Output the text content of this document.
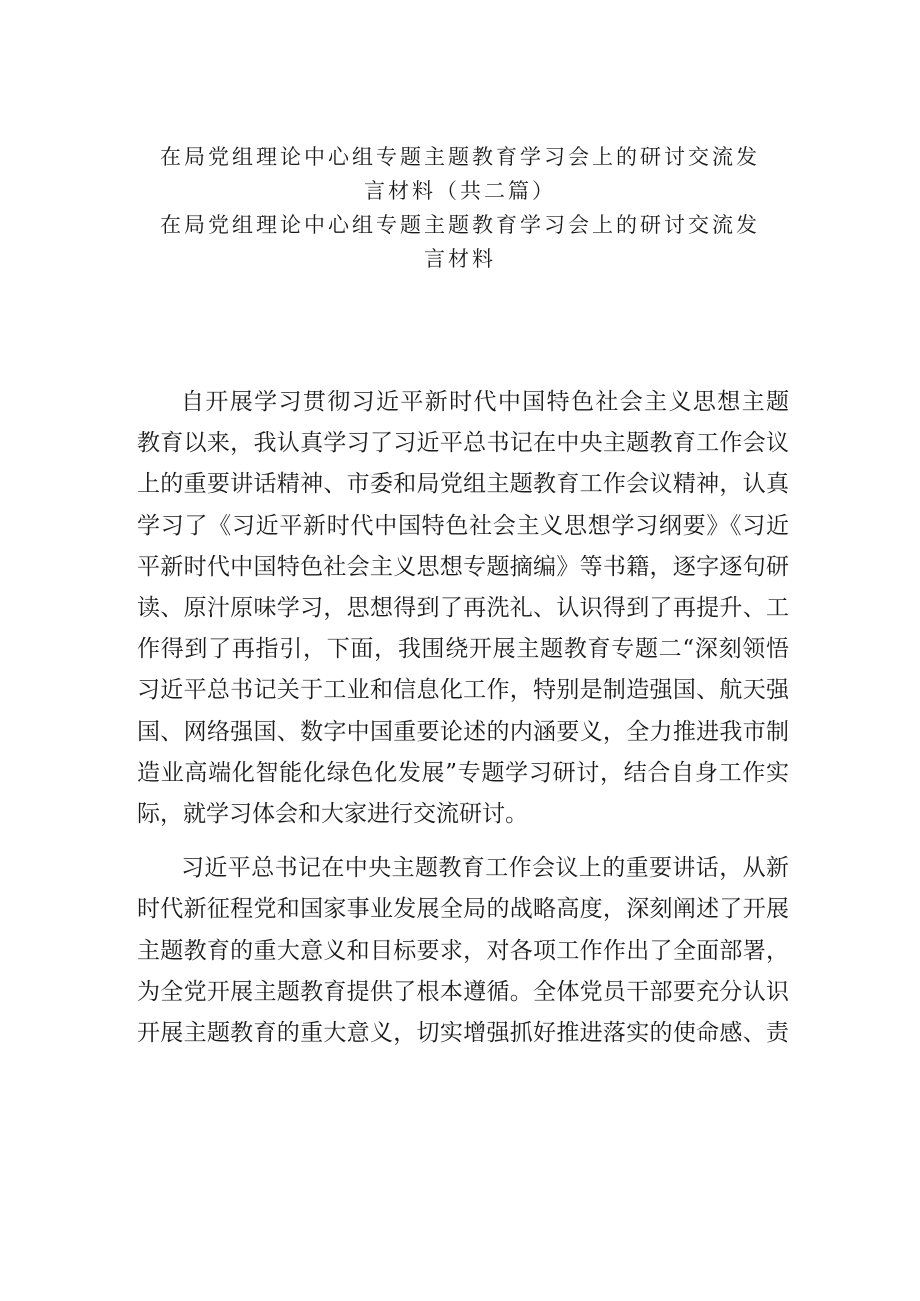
在局党组理论中心组专题主题教育学习会上的研讨交流发
言材料（共二篇）
在局党组理论中心组专题主题教育学习会上的研讨交流发
言材料
自开展学习贯彻习近平新时代中国特色社会主义思想主题
教育以来，我认真学习了习近平总书记在中央主题教育工作会议
上的重要讲话精神、市委和局党组主题教育工作会议精神，认真
学习了《习近平新时代中国特色社会主义思想学习纲要》《习近
平新时代中国特色社会主义思想专题摘编》等书籍，逐字逐句研
读、原汁原味学习，思想得到了再洗礼、认识得到了再提升、工
作得到了再指引，下面，我围绕开展主题教育专题二“深刻领悟
习近平总书记关于工业和信息化工作，特别是制造强国、航天强
国、网络强国、数字中国重要论述的内涵要义，全力推进我市制
造业高端化智能化绿色化发展”专题学习研讨，结合自身工作实
际，就学习体会和大家进行交流研讨。
习近平总书记在中央主题教育工作会议上的重要讲话，从新
时代新征程党和国家事业发展全局的战略高度，深刻阐述了开展
主题教育的重大意义和目标要求，对各项工作作出了全面部署，
为全党开展主题教育提供了根本遵循。全体党员干部要充分认识
开展主题教育的重大意义，切实增强抓好推进落实的使命感、责
